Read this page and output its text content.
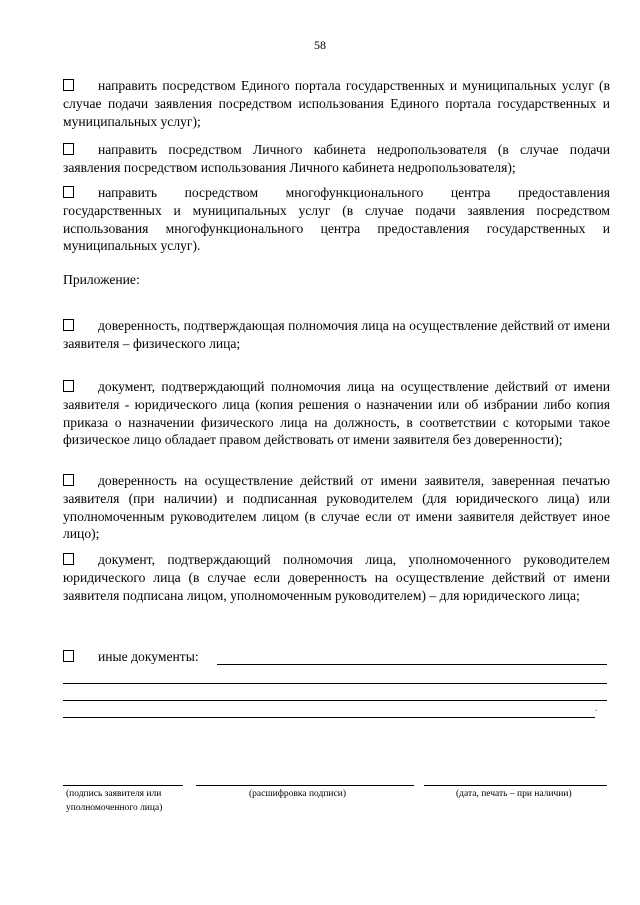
58
направить посредством Единого портала государственных и муниципальных услуг (в случае подачи заявления посредством использования Единого портала государственных и муниципальных услуг);
направить посредством Личного кабинета недропользователя (в случае подачи заявления посредством использования Личного кабинета недропользователя);
направить посредством многофункционального центра предоставления государственных и муниципальных услуг (в случае подачи заявления посредством использования многофункционального центра предоставления государственных и муниципальных услуг).
Приложение:
доверенность, подтверждающая полномочия лица на осуществление действий от имени заявителя – физического лица;
документ, подтверждающий полномочия лица на осуществление действий от имени заявителя - юридического лица (копия решения о назначении или об избрании либо копия приказа о назначении физического лица на должность, в соответствии с которыми такое физическое лицо обладает правом действовать от имени заявителя без доверенности);
доверенность на осуществление действий от имени заявителя, заверенная печатью заявителя (при наличии) и подписанная руководителем (для юридического лица) или уполномоченным руководителем лицом (в случае если от имени заявителя действует иное лицо);
документ, подтверждающий полномочия лица, уполномоченного руководителем юридического лица (в случае если доверенность на осуществление действий от имени заявителя подписана лицом, уполномоченным руководителем) – для юридического лица;
иные документы:
.
(подпись заявителя или
уполномоченного лица)
(расшифровка подписи)	(дата, печать – при наличии)
